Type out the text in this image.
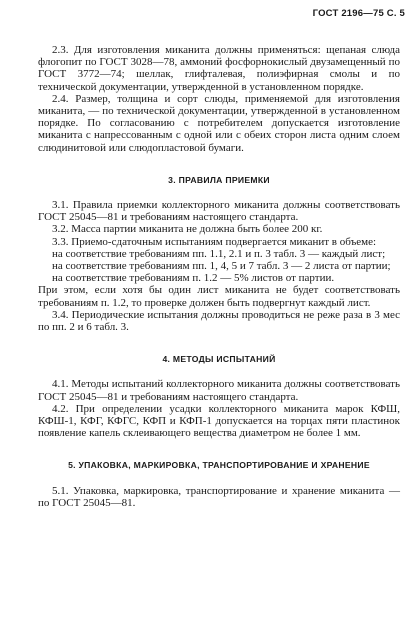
ГОСТ 2196—75 С. 5

2.3. Для изготовления миканита должны применяться: щепаная слюда флогопит по ГОСТ 3028—78, аммоний фосфорнокислый двузамещенный по ГОСТ 3772—74; шеллак, глифталевая, полиэфирная смолы и по технической документации, утвержденной в установленном порядке.

2.4. Размер, толщина и сорт слюды, применяемой для изготовления миканита, — по технической документации, утвержденной в установленном порядке. По согласованию с потребителем допускается изготовление миканита с напрессованным с одной или с обеих сторон листа одним слоем слюдинитовой или слюдопластовой бумаги.

3. ПРАВИЛА ПРИЕМКИ

3.1. Правила приемки коллекторного миканита должны соответствовать ГОСТ 25045—81 и требованиям настоящего стандарта.

3.2. Масса партии миканита не должна быть более 200 кг.

3.3. Приемо-сдаточным испытаниям подвергается миканит в объеме:

на соответствие требованиям пп. 1.1, 2.1 и п. 3 табл. 3 — каждый лист;

на соответствие требованиям пп. 1, 4, 5 и 7 табл. 3 — 2 листа от партии;

на соответствие требованиям п. 1.2 — 5% листов от партии.

При этом, если хотя бы один лист миканита не будет соответствовать требованиям п. 1.2, то проверке должен быть подвергнут каждый лист.

3.4. Периодические испытания должны проводиться не реже раза в 3 мес по пп. 2 и 6 табл. 3.

4. МЕТОДЫ ИСПЫТАНИЙ

4.1. Методы испытаний коллекторного миканита должны соответствовать ГОСТ 25045—81 и требованиям настоящего стандарта.

4.2. При определении усадки коллекторного миканита марок КФШ, КФШ-1, КФГ, КФГС, КФП и КФП-1 допускается на торцах пяти пластинок появление капель склеивающего вещества диаметром не более 1 мм.

5. УПАКОВКА, МАРКИРОВКА, ТРАНСПОРТИРОВАНИЕ И ХРАНЕНИЕ

5.1. Упаковка, маркировка, транспортирование и хранение миканита — по ГОСТ 25045—81.
